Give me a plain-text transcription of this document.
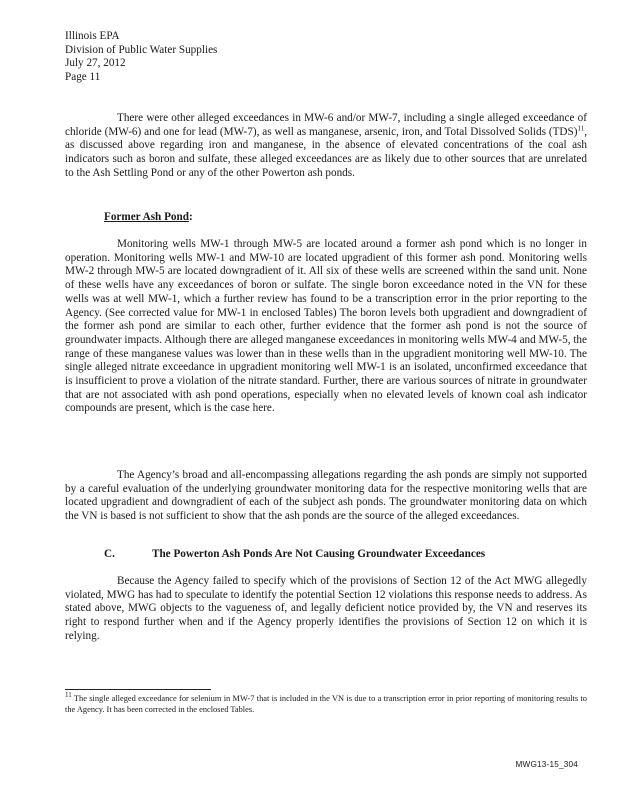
Illinois EPA
Division of Public Water Supplies
July 27, 2012
Page 11

There were other alleged exceedances in MW-6 and/or MW-7, including a single alleged exceedance of chloride (MW-6) and one for lead (MW-7), as well as manganese, arsenic, iron, and Total Dissolved Solids (TDS)$^{11}$, as discussed above regarding iron and manganese, in the absence of elevated concentrations of the coal ash indicators such as boron and sulfate, these alleged exceedances are as likely due to other sources that are unrelated to the Ash Settling Pond or any of the other Powerton ash ponds.

Former Ash Pond:

Monitoring wells MW-1 through MW-5 are located around a former ash pond which is no longer in operation. Monitoring wells MW-1 and MW-10 are located upgradient of this former ash pond. Monitoring wells MW-2 through MW-5 are located downgradient of it. All six of these wells are screened within the sand unit. None of these wells have any exceedances of boron or sulfate. The single boron exceedance noted in the VN for these wells was at well MW-1, which a further review has found to be a transcription error in the prior reporting to the Agency. (See corrected value for MW-1 in enclosed Tables) The boron levels both upgradient and downgradient of the former ash pond are similar to each other, further evidence that the former ash pond is not the source of groundwater impacts. Although there are alleged manganese exceedances in monitoring wells MW-4 and MW-5, the range of these manganese values was lower than in these wells than in the upgradient monitoring well MW-10. The single alleged nitrate exceedance in upgradient monitoring well MW-1 is an isolated, unconfirmed exceedance that is insufficient to prove a violation of the nitrate standard. Further, there are various sources of nitrate in groundwater that are not associated with ash pond operations, especially when no elevated levels of known coal ash indicator compounds are present, which is the case here.

The Agency’s broad and all-encompassing allegations regarding the ash ponds are simply not supported by a careful evaluation of the underlying groundwater monitoring data for the respective monitoring wells that are located upgradient and downgradient of each of the subject ash ponds. The groundwater monitoring data on which the VN is based is not sufficient to show that the ash ponds are the source of the alleged exceedances.

C.	The Powerton Ash Ponds Are Not Causing Groundwater Exceedances

Because the Agency failed to specify which of the provisions of Section 12 of the Act MWG allegedly violated, MWG has had to speculate to identify the potential Section 12 violations this response needs to address. As stated above, MWG objects to the vagueness of, and legally deficient notice provided by, the VN and reserves its right to respond further when and if the Agency properly identifies the provisions of Section 12 on which it is relying.

$^{11}$ The single alleged exceedance for selenium in MW-7 that is included in the VN is due to a transcription error in prior reporting of monitoring results to the Agency. It has been corrected in the enclosed Tables.
MWG13-15_304
